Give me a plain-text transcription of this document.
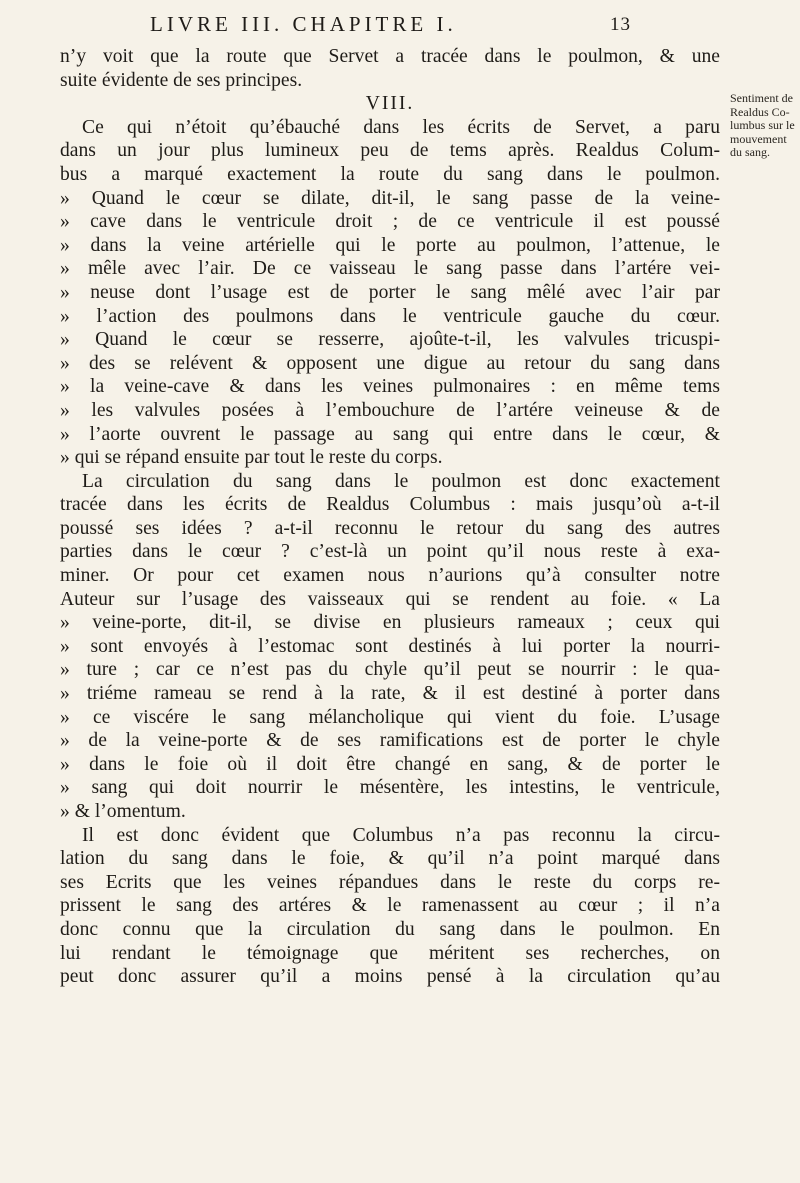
LIVRE III. CHAPITRE I.	13
n’y voit que la route que Servet a tracée dans le poulmon, & une
suite évidente de ses principes.
VIII.
Ce qui n’étoit qu’ébauché dans les écrits de Servet, a paru
dans un jour plus lumineux peu de tems après. Realdus Colum-
bus a marqué exactement la route du sang dans le poulmon.
» Quand le cœur se dilate, dit-il, le sang passe de la veine-
» cave dans le ventricule droit ; de ce ventricule il est poussé
» dans la veine artérielle qui le porte au poulmon, l’attenue, le
» mêle avec l’air. De ce vaisseau le sang passe dans l’artére vei-
» neuse dont l’usage est de porter le sang mêlé avec l’air par
» l’action des poulmons dans le ventricule gauche du cœur.
» Quand le cœur se resserre, ajoûte-t-il, les valvules tricuspi-
» des se relévent & opposent une digue au retour du sang dans
» la veine-cave & dans les veines pulmonaires : en même tems
» les valvules posées à l’embouchure de l’artére veineuse & de
» l’aorte ouvrent le passage au sang qui entre dans le cœur, &
» qui se répand ensuite par tout le reste du corps.
La circulation du sang dans le poulmon est donc exactement
tracée dans les écrits de Realdus Columbus : mais jusqu’où a-t-il
poussé ses idées ? a-t-il reconnu le retour du sang des autres
parties dans le cœur ? c’est-là un point qu’il nous reste à exa-
miner. Or pour cet examen nous n’aurions qu’à consulter notre
Auteur sur l’usage des vaisseaux qui se rendent au foie. « La
» veine-porte, dit-il, se divise en plusieurs rameaux ; ceux qui
» sont envoyés à l’estomac sont destinés à lui porter la nourri-
» ture ; car ce n’est pas du chyle qu’il peut se nourrir : le qua-
» triéme rameau se rend à la rate, & il est destiné à porter dans
» ce viscére le sang mélancholique qui vient du foie. L’usage
» de la veine-porte & de ses ramifications est de porter le chyle
» dans le foie où il doit être changé en sang, & de porter le
» sang qui doit nourrir le mésentère, les intestins, le ventricule,
» & l’omentum.
Il est donc évident que Columbus n’a pas reconnu la circu-
lation du sang dans le foie, & qu’il n’a point marqué dans
ses Ecrits que les veines répandues dans le reste du corps re-
prissent le sang des artéres & le ramenassent au cœur ; il n’a
donc connu que la circulation du sang dans le poulmon. En
lui rendant le témoignage que méritent ses recherches, on
peut donc assurer qu’il a moins pensé à la circulation qu’au
Sentiment de
Realdus Co-
lumbus sur le
mouvement
du sang.
